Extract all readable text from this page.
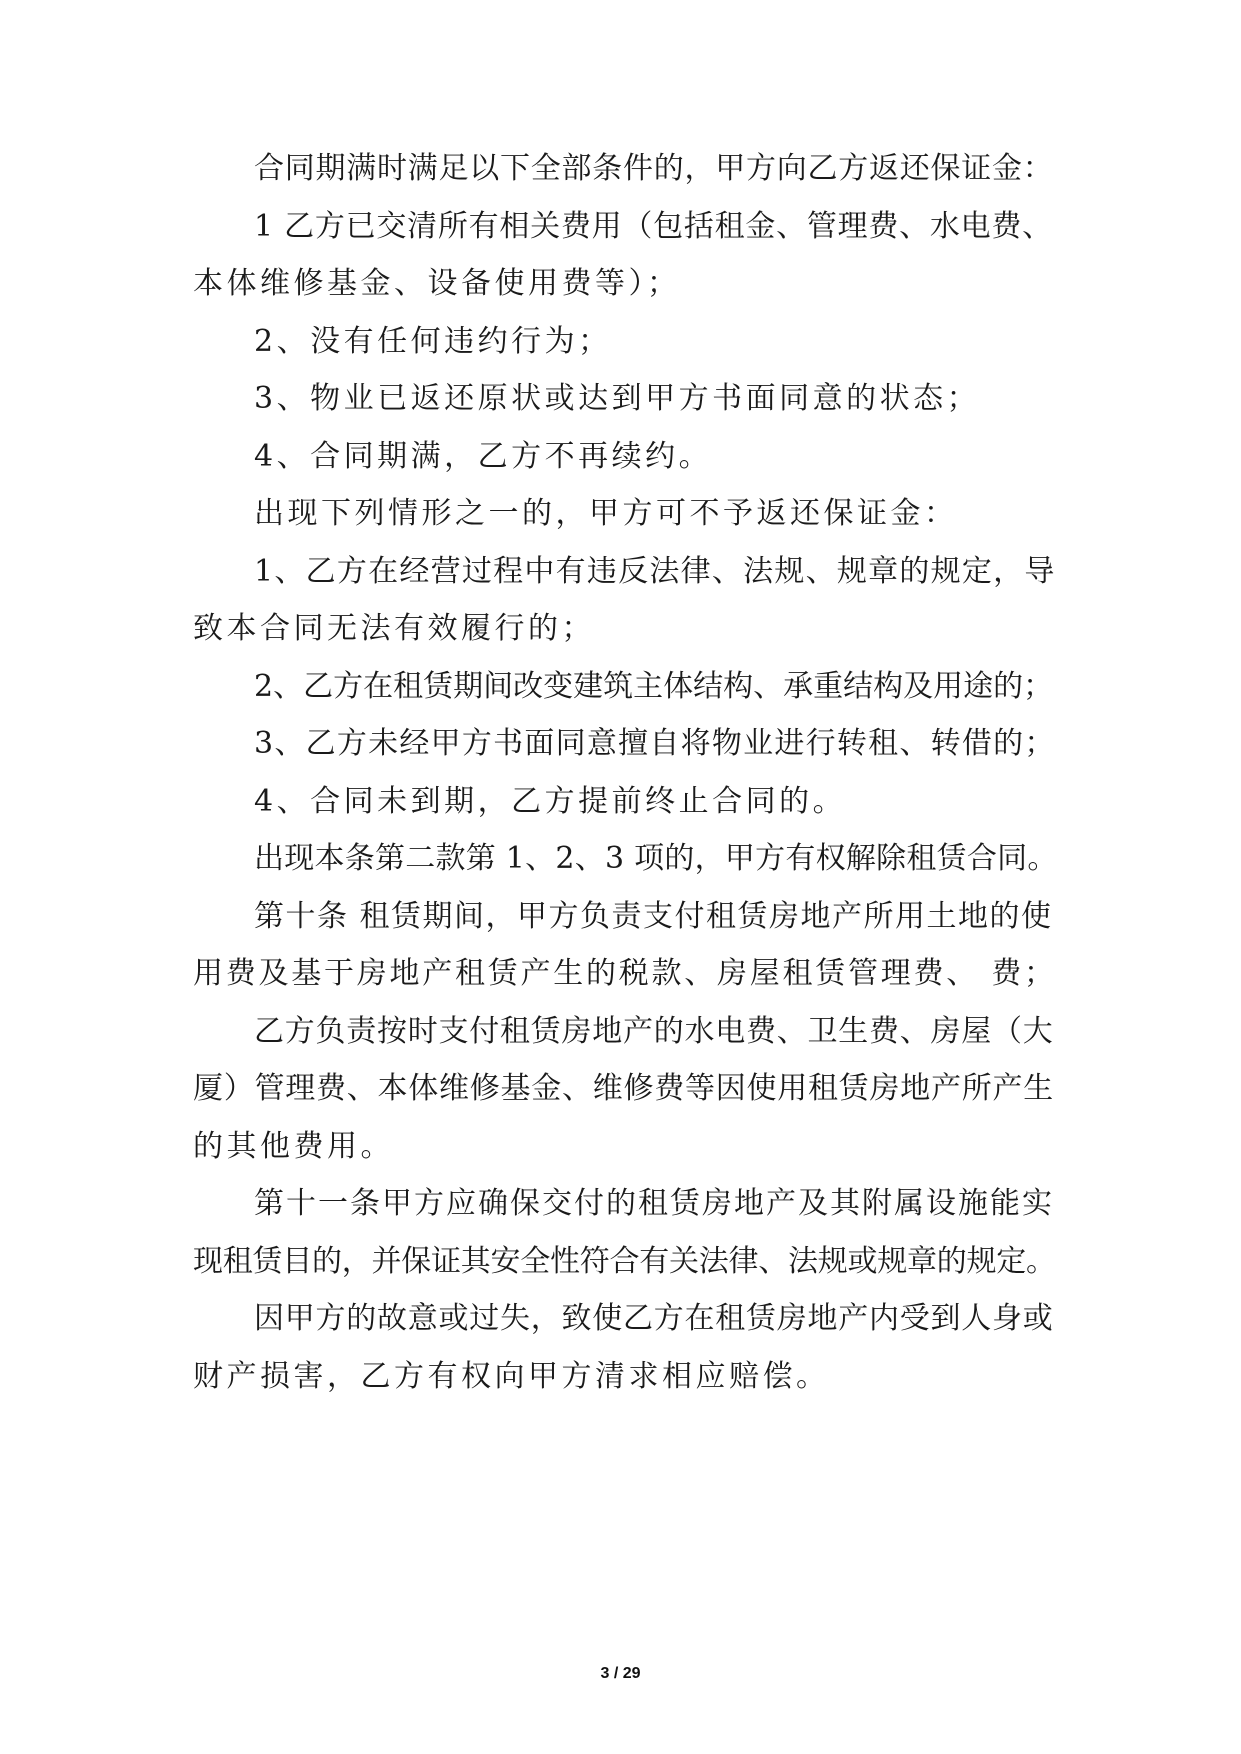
合同期满时满足以下全部条件的，甲方向乙方返还保证金：
1 乙方已交清所有相关费用（包括租金、管理费、水电费、
本体维修基金、设备使用费等）；
2、没有任何违约行为；
3、物业已返还原状或达到甲方书面同意的状态；
4、合同期满，乙方不再续约。
出现下列情形之一的，甲方可不予返还保证金：
1、乙方在经营过程中有违反法律、法规、规章的规定，导
致本合同无法有效履行的；
2、乙方在租赁期间改变建筑主体结构、承重结构及用途的；
3、乙方未经甲方书面同意擅自将物业进行转租、转借的；
4、合同未到期，乙方提前终止合同的。
出现本条第二款第 1、2、3 项的，甲方有权解除租赁合同。
第十条 租赁期间，甲方负责支付租赁房地产所用土地的使
用费及基于房地产租赁产生的税款、房屋租赁管理费、 费；
乙方负责按时支付租赁房地产的水电费、卫生费、房屋（大
厦）管理费、本体维修基金、维修费等因使用租赁房地产所产生
的其他费用。
第十一条甲方应确保交付的租赁房地产及其附属设施能实
现租赁目的，并保证其安全性符合有关法律、法规或规章的规定。
因甲方的故意或过失，致使乙方在租赁房地产内受到人身或
财产损害，乙方有权向甲方清求相应赔偿。
3 / 29
